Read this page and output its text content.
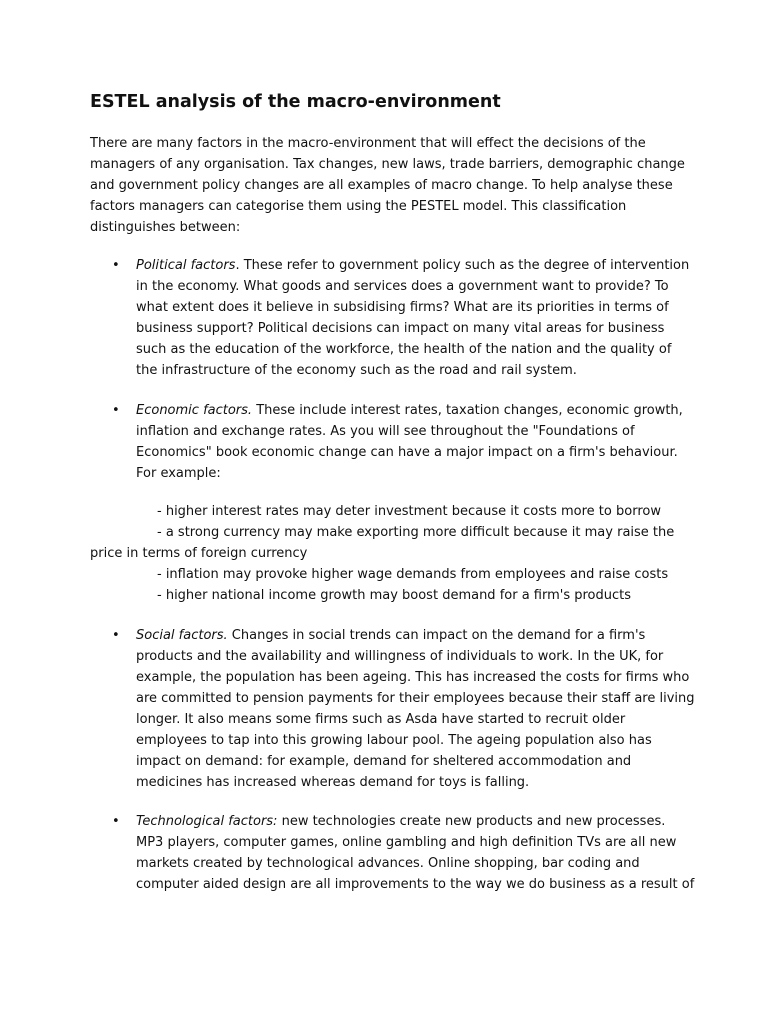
ESTEL analysis of the macro-environment
There are many factors in the macro-environment that will effect the decisions of the
managers of any organisation. Tax changes, new laws, trade barriers, demographic change
and government policy changes are all examples of macro change. To help analyse these
factors managers can categorise them using the PESTEL model. This classification
distinguishes between:
• Political factors. These refer to government policy such as the degree of intervention
in the economy. What goods and services does a government want to provide? To
what extent does it believe in subsidising firms? What are its priorities in terms of
business support? Political decisions can impact on many vital areas for business
such as the education of the workforce, the health of the nation and the quality of
the infrastructure of the economy such as the road and rail system.
• Economic factors. These include interest rates, taxation changes, economic growth,
inflation and exchange rates. As you will see throughout the "Foundations of
Economics" book economic change can have a major impact on a firm's behaviour.
For example:
- higher interest rates may deter investment because it costs more to borrow
- a strong currency may make exporting more difficult because it may raise the
price in terms of foreign currency
- inflation may provoke higher wage demands from employees and raise costs
- higher national income growth may boost demand for a firm's products
• Social factors. Changes in social trends can impact on the demand for a firm's
products and the availability and willingness of individuals to work. In the UK, for
example, the population has been ageing. This has increased the costs for firms who
are committed to pension payments for their employees because their staff are living
longer. It also means some firms such as Asda have started to recruit older
employees to tap into this growing labour pool. The ageing population also has
impact on demand: for example, demand for sheltered accommodation and
medicines has increased whereas demand for toys is falling.
• Technological factors: new technologies create new products and new processes.
MP3 players, computer games, online gambling and high definition TVs are all new
markets created by technological advances. Online shopping, bar coding and
computer aided design are all improvements to the way we do business as a result of
